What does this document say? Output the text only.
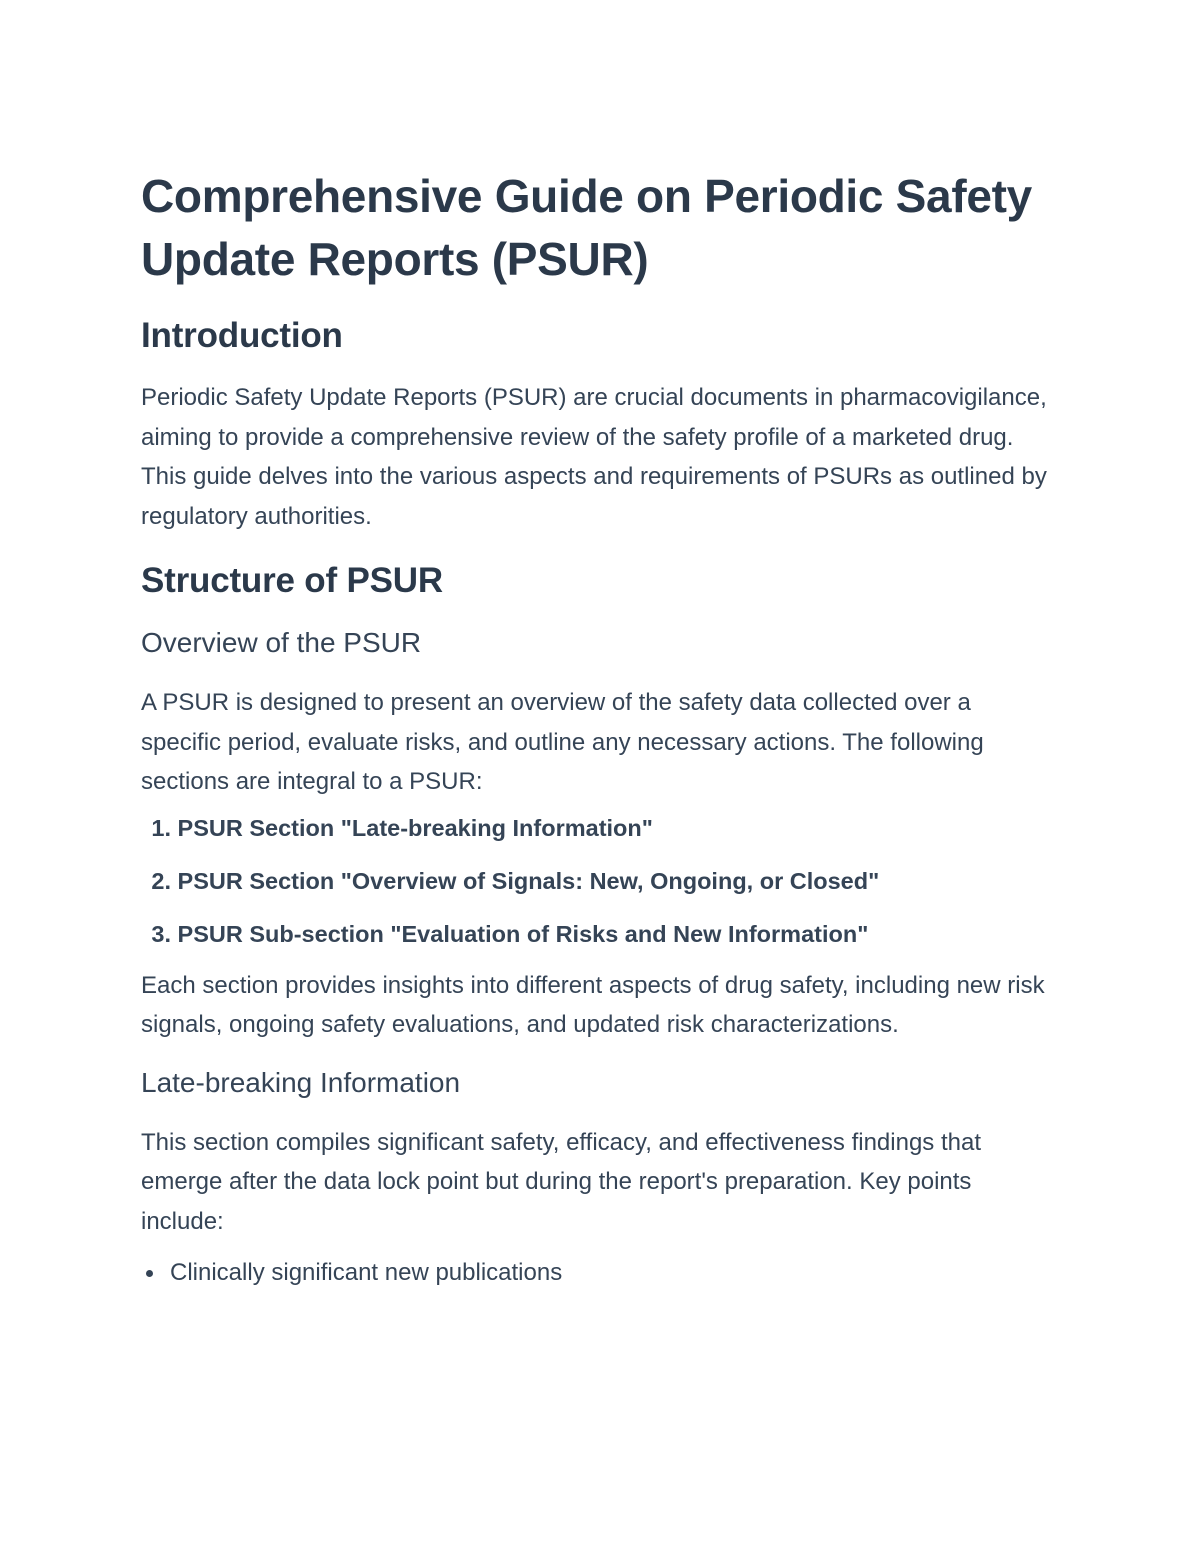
Comprehensive Guide on Periodic Safety Update Reports (PSUR)
Introduction

Periodic Safety Update Reports (PSUR) are crucial documents in pharmacovigilance, aiming to provide a comprehensive review of the safety profile of a marketed drug. This guide delves into the various aspects and requirements of PSURs as outlined by regulatory authorities.

Structure of PSUR
Overview of the PSUR

A PSUR is designed to present an overview of the safety data collected over a specific period, evaluate risks, and outline any necessary actions. The following sections are integral to a PSUR:

1.
PSUR Section "Late-breaking Information"
2.
PSUR Section "Overview of Signals: New, Ongoing, or Closed"
3.
PSUR Sub-section "Evaluation of Risks and New Information"

Each section provides insights into different aspects of drug safety, including new risk signals, ongoing safety evaluations, and updated risk characterizations.

Late-breaking Information

This section compiles significant safety, efficacy, and effectiveness findings that emerge after the data lock point but during the report's preparation. Key points include:

Clinically significant new publications
